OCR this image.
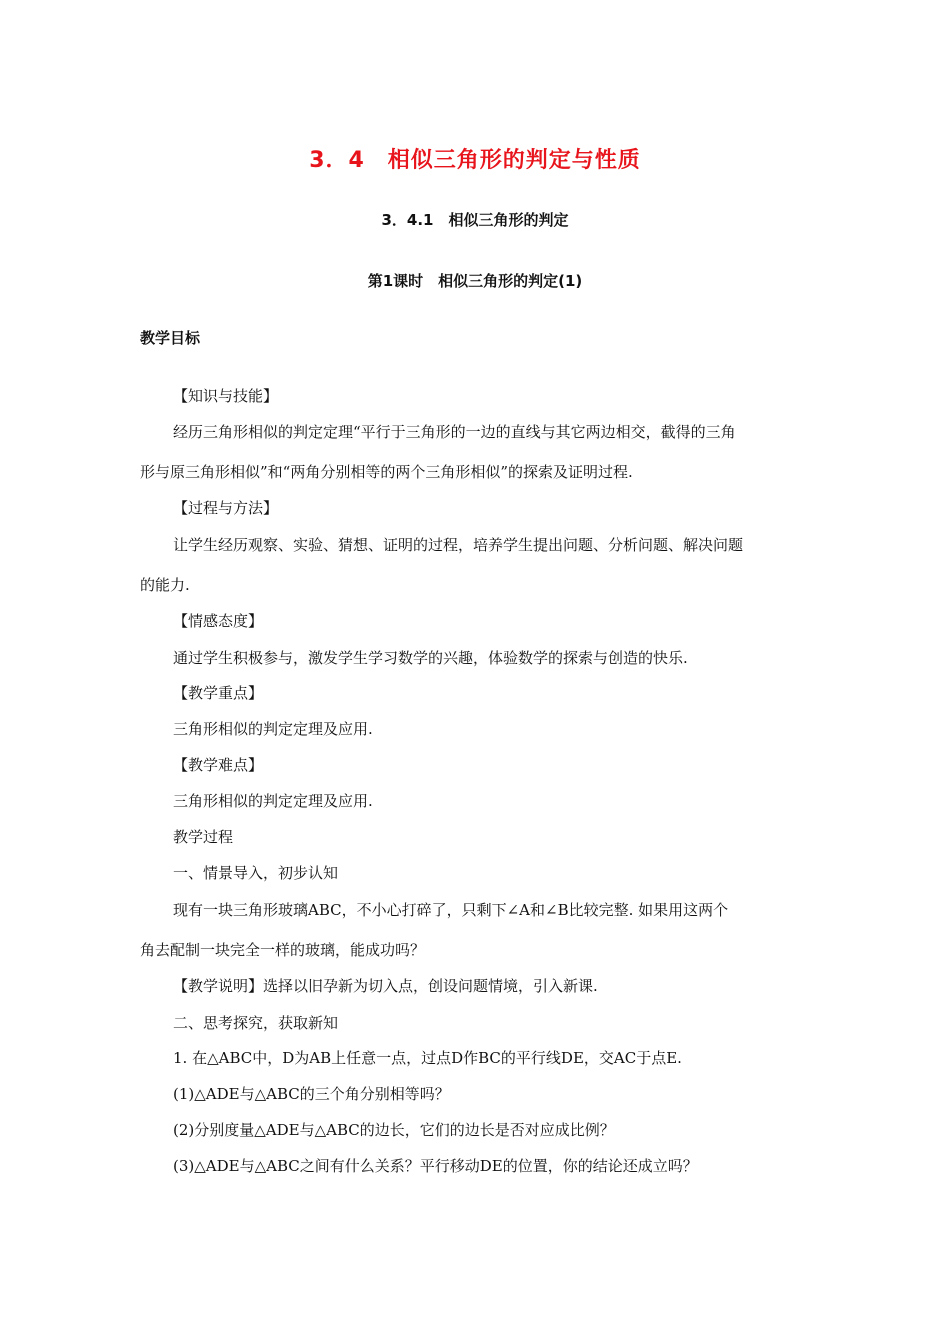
3．4　相似三角形的判定与性质
3．4.1　相似三角形的判定
第1课时　相似三角形的判定(1)
教学目标
【知识与技能】
经历三角形相似的判定定理“平行于三角形的一边的直线与其它两边相交，截得的三角
形与原三角形相似”和“两角分别相等的两个三角形相似”的探索及证明过程.
【过程与方法】
让学生经历观察、实验、猜想、证明的过程，培养学生提出问题、分析问题、解决问题
的能力.
【情感态度】
通过学生积极参与，激发学生学习数学的兴趣，体验数学的探索与创造的快乐.
【教学重点】
三角形相似的判定定理及应用.
【教学难点】
三角形相似的判定定理及应用.
教学过程
一、情景导入，初步认知
现有一块三角形玻璃ABC，不小心打碎了，只剩下∠A和∠B比较完整. 如果用这两个
角去配制一块完全一样的玻璃，能成功吗？
【教学说明】选择以旧孕新为切入点，创设问题情境，引入新课.
二、思考探究，获取新知
1. 在△ABC中，D为AB上任意一点，过点D作BC的平行线DE，交AC于点E.
(1)△ADE与△ABC的三个角分别相等吗？
(2)分别度量△ADE与△ABC的边长，它们的边长是否对应成比例？
(3)△ADE与△ABC之间有什么关系？平行移动DE的位置，你的结论还成立吗？
